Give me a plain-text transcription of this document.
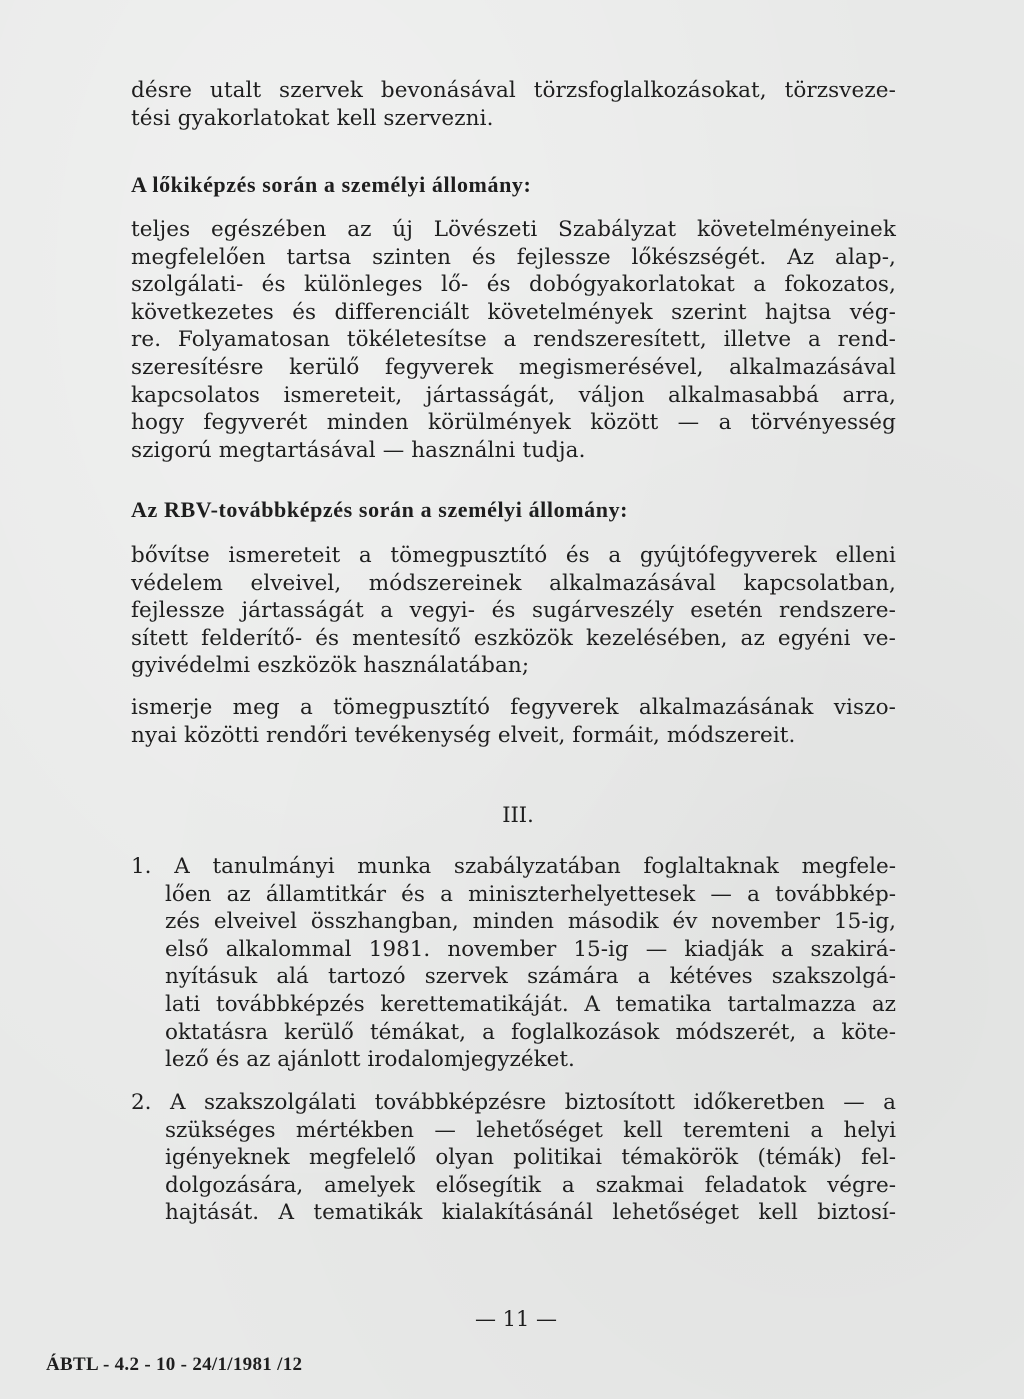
désre utalt szervek bevonásával törzsfoglalkozásokat, törzsveze-
tési gyakorlatokat kell szervezni.
A lőkiképzés során a személyi állomány:
teljes egészében az új Lövészeti Szabályzat követelményeinek
megfelelően tartsa szinten és fejlessze lőkészségét. Az alap-,
szolgálati- és különleges lő- és dobógyakorlatokat a fokozatos,
következetes és differenciált követelmények szerint hajtsa vég-
re. Folyamatosan tökéletesítse a rendszeresített, illetve a rend-
szeresítésre kerülő fegyverek megismerésével, alkalmazásával
kapcsolatos ismereteit, jártasságát, váljon alkalmasabbá arra,
hogy fegyverét minden körülmények között — a törvényesség
szigorú megtartásával — használni tudja.
Az RBV-továbbképzés során a személyi állomány:
bővítse ismereteit a tömegpusztító és a gyújtófegyverek elleni
védelem elveivel, módszereinek alkalmazásával kapcsolatban,
fejlessze jártasságát a vegyi- és sugárveszély esetén rendszere-
sített felderítő- és mentesítő eszközök kezelésében, az egyéni ve-
gyivédelmi eszközök használatában;
ismerje meg a tömegpusztító fegyverek alkalmazásának viszo-
nyai közötti rendőri tevékenység elveit, formáit, módszereit.
III.
1. A tanulmányi munka szabályzatában foglaltaknak megfele-
lően az államtitkár és a miniszterhelyettesek — a továbbkép-
zés elveivel összhangban, minden második év november 15-ig,
első alkalommal 1981. november 15-ig — kiadják a szakirá-
nyításuk alá tartozó szervek számára a kétéves szakszolgá-
lati továbbképzés kerettematikáját. A tematika tartalmazza az
oktatásra kerülő témákat, a foglalkozások módszerét, a köte-
lező és az ajánlott irodalomjegyzéket.
2. A szakszolgálati továbbképzésre biztosított időkeretben — a
szükséges mértékben — lehetőséget kell teremteni a helyi
igényeknek megfelelő olyan politikai témakörök (témák) fel-
dolgozására, amelyek elősegítik a szakmai feladatok végre-
hajtását. A tematikák kialakításánál lehetőséget kell biztosí-
— 11 —
ÁBTL - 4.2 - 10 - 24/1/1981 /12
